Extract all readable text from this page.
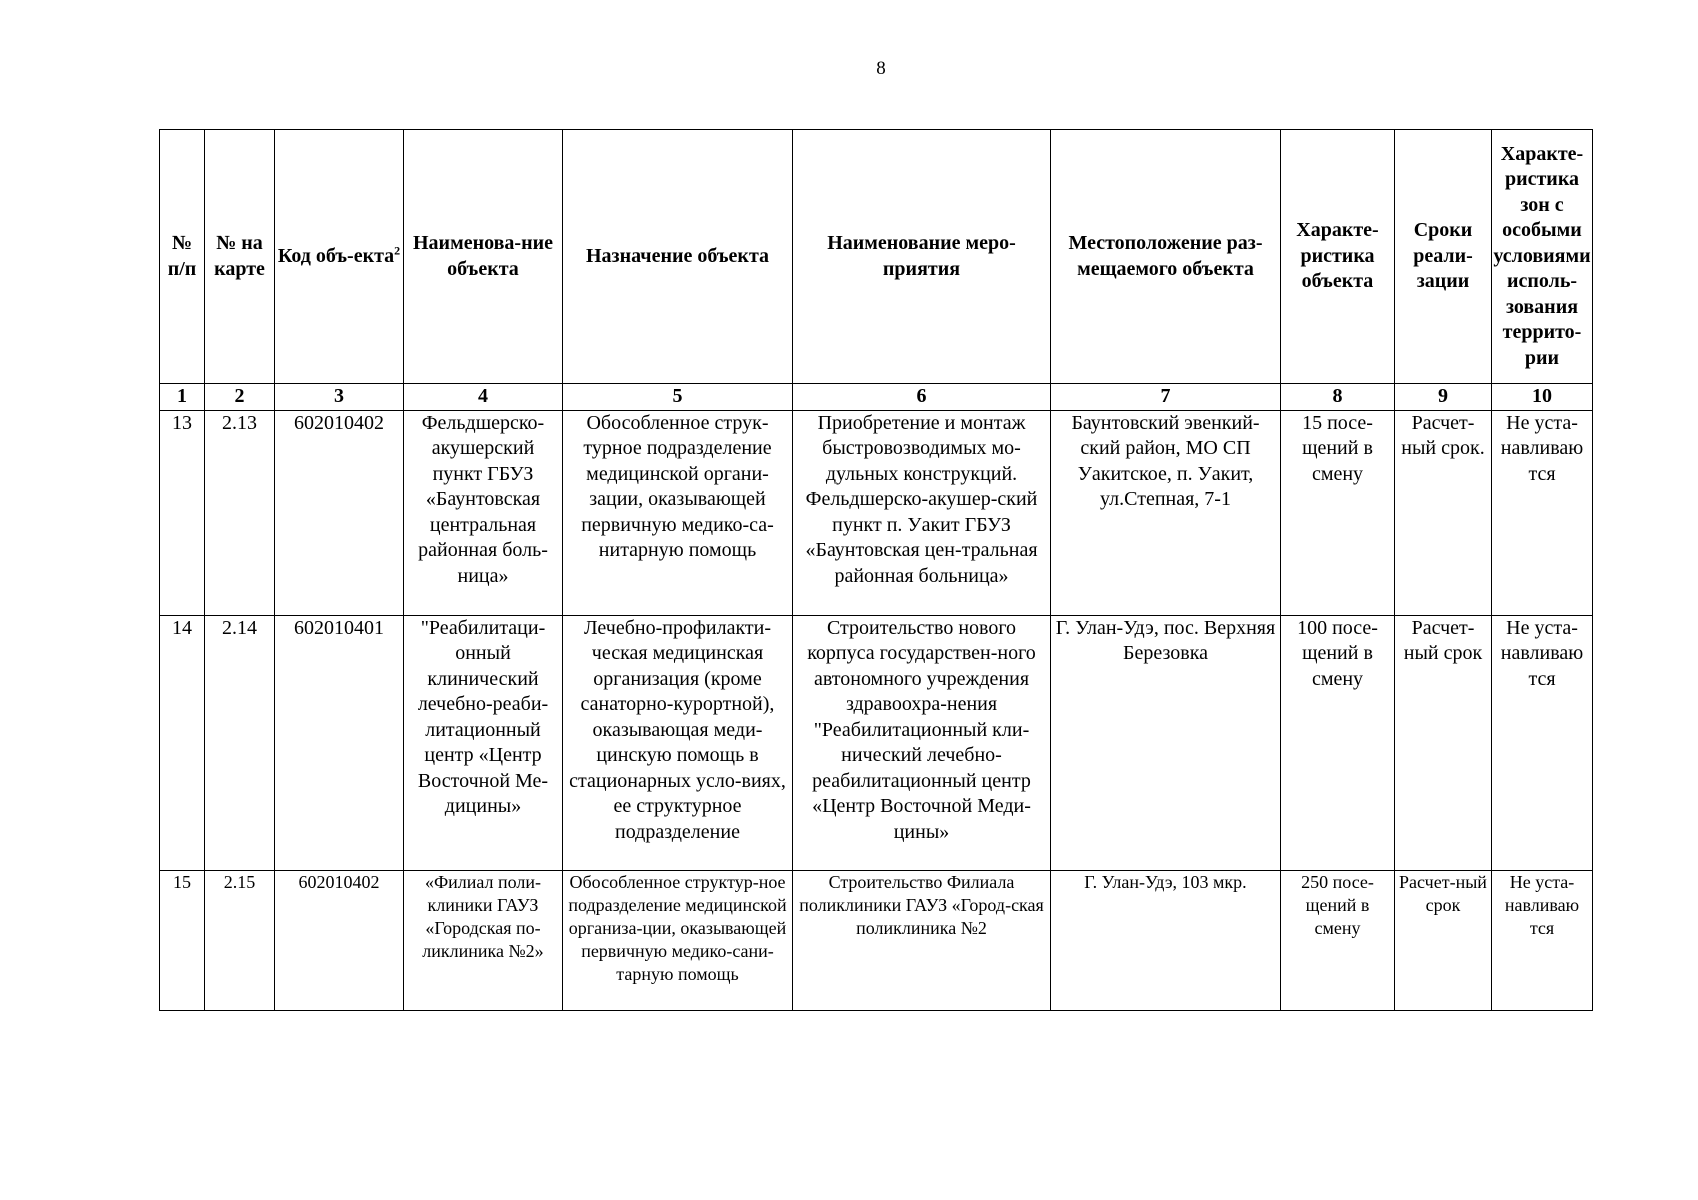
8
№ п/п	№ на карте	Код объ-екта$^2$	Наименова-ние объекта	Назначение объекта	Наименование меро-приятия	Местоположение раз-мещаемого объекта	Характе-ристика объекта	Сроки реали-зации	Характе-ристика зон с особыми условиями исполь-зования террито-рии
1	2	3	4	5	6	7	8	9	10
13	2.13	602010402	Фельдшерско-акушерский пункт ГБУЗ «Баунтовская центральная районная боль-ница»	Обособленное струк-турное подразделение медицинской органи-зации, оказывающей первичную медико-са-нитарную помощь	Приобретение и монтаж быстровозводимых мо-дульных конструкций. Фельдшерско-акушер-ский пункт п. Уакит ГБУЗ «Баунтовская цен-тральная районная больница»	Баунтовский эвенкий-ский район, МО СП Уакитское, п. Уакит, ул.Степная, 7-1	15 посе-щений в смену	Расчет-ный срок.	Не уста-навливаю тся
14	2.14	602010401	"Реабилитаци-онный клинический лечебно-реаби-литационный центр «Центр Восточной Ме-дицины»	Лечебно-профилакти-ческая медицинская организация (кроме санаторно-курортной), оказывающая меди-цинскую помощь в стационарных усло-виях, ее структурное подразделение	Строительство нового корпуса государствен-ного автономного учреждения здравоохра-нения "Реабилитационный кли-нический лечебно-реабилитационный центр «Центр Восточной Меди-цины»	Г. Улан-Удэ, пос. Верхняя Березовка	100 посе-щений в смену	Расчет-ный срок	Не уста-навливаю тся
15	2.15	602010402	«Филиал поли-клиники ГАУЗ «Городская по-ликлиника №2»	Обособленное структур-ное подразделение медицинской организа-ции, оказывающей первичную медико-сани-тарную помощь	Строительство Филиала поликлиники ГАУЗ «Город-ская поликлиника №2	Г. Улан-Удэ, 103 мкр.	250 посе-щений в смену	Расчет-ный срок	Не уста-навливаю тся
